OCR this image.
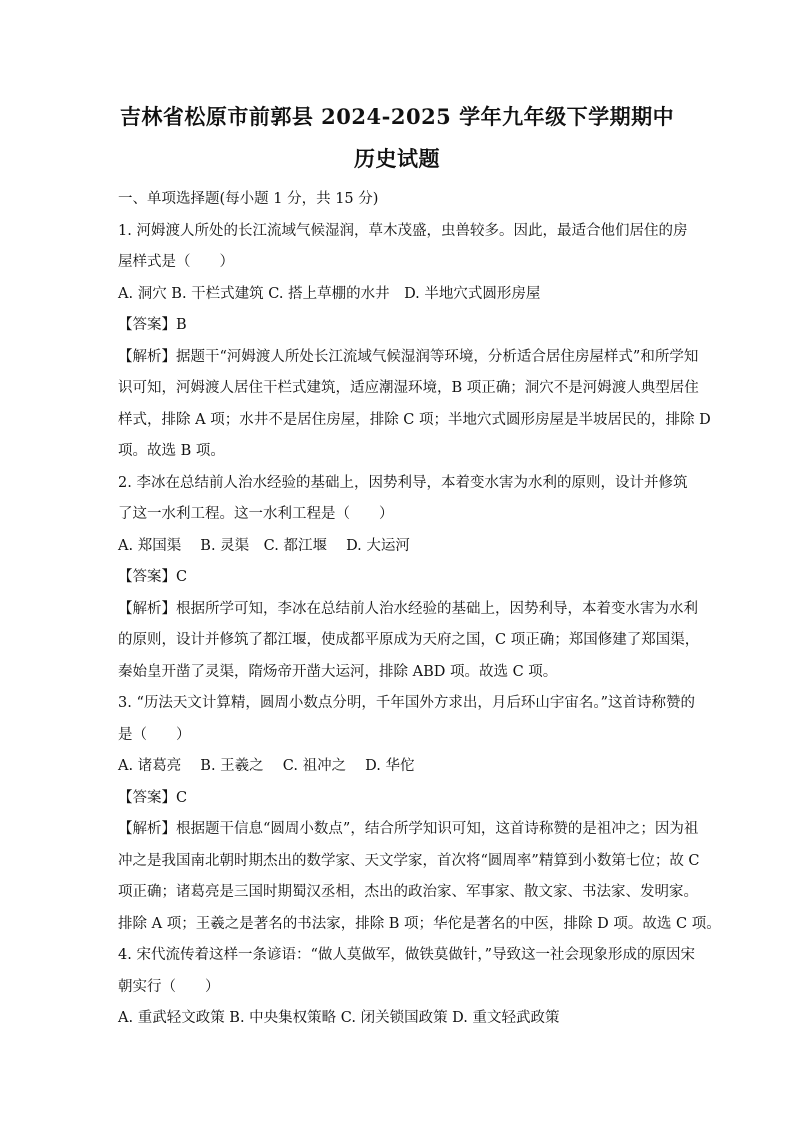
吉林省松原市前郭县 2024-2025 学年九年级下学期期中
历史试题
一、单项选择题(每小题 1 分，共 15 分)
1. 河姆渡人所处的长江流域气候湿润，草木茂盛，虫兽较多。因此，最适合他们居住的房
屋样式是（　　）
A. 洞穴 B. 干栏式建筑 C. 搭上草棚的水井　D. 半地穴式圆形房屋
【答案】B
【解析】据题干“河姆渡人所处长江流域气候湿润等环境，分析适合居住房屋样式”和所学知
识可知，河姆渡人居住干栏式建筑，适应潮湿环境，B 项正确；洞穴不是河姆渡人典型居住
样式，排除 A 项；水井不是居住房屋，排除 C 项；半地穴式圆形房屋是半坡居民的，排除 D
项。故选 B 项。
2. 李冰在总结前人治水经验的基础上，因势利导，本着变水害为水利的原则，设计并修筑
了这一水利工程。这一水利工程是（　　）
A. 郑国渠　 B. 灵渠　C. 都江堰　 D. 大运河
【答案】C
【解析】根据所学可知，李冰在总结前人治水经验的基础上，因势利导，本着变水害为水利
的原则，设计并修筑了都江堰，使成都平原成为天府之国，C 项正确；郑国修建了郑国渠，
秦始皇开凿了灵渠，隋炀帝开凿大运河，排除 ABD 项。故选 C 项。
3. “历法天文计算精，圆周小数点分明，千年国外方求出，月后环山宇宙名。”这首诗称赞的
是（　　）
A. 诸葛亮　 B. 王羲之　 C. 祖冲之　 D. 华佗
【答案】C
【解析】根据题干信息“圆周小数点”，结合所学知识可知，这首诗称赞的是祖冲之；因为祖
冲之是我国南北朝时期杰出的数学家、天文学家，首次将“圆周率”精算到小数第七位；故 C
项正确；诸葛亮是三国时期蜀汉丞相，杰出的政治家、军事家、散文家、书法家、发明家。
排除 A 项；王羲之是著名的书法家，排除 B 项；华佗是著名的中医，排除 D 项。故选 C 项。
4. 宋代流传着这样一条谚语：“做人莫做军，做铁莫做针，”导致这一社会现象形成的原因宋
朝实行（　　）
A. 重武轻文政策 B. 中央集权策略 C. 闭关锁国政策 D. 重文轻武政策
